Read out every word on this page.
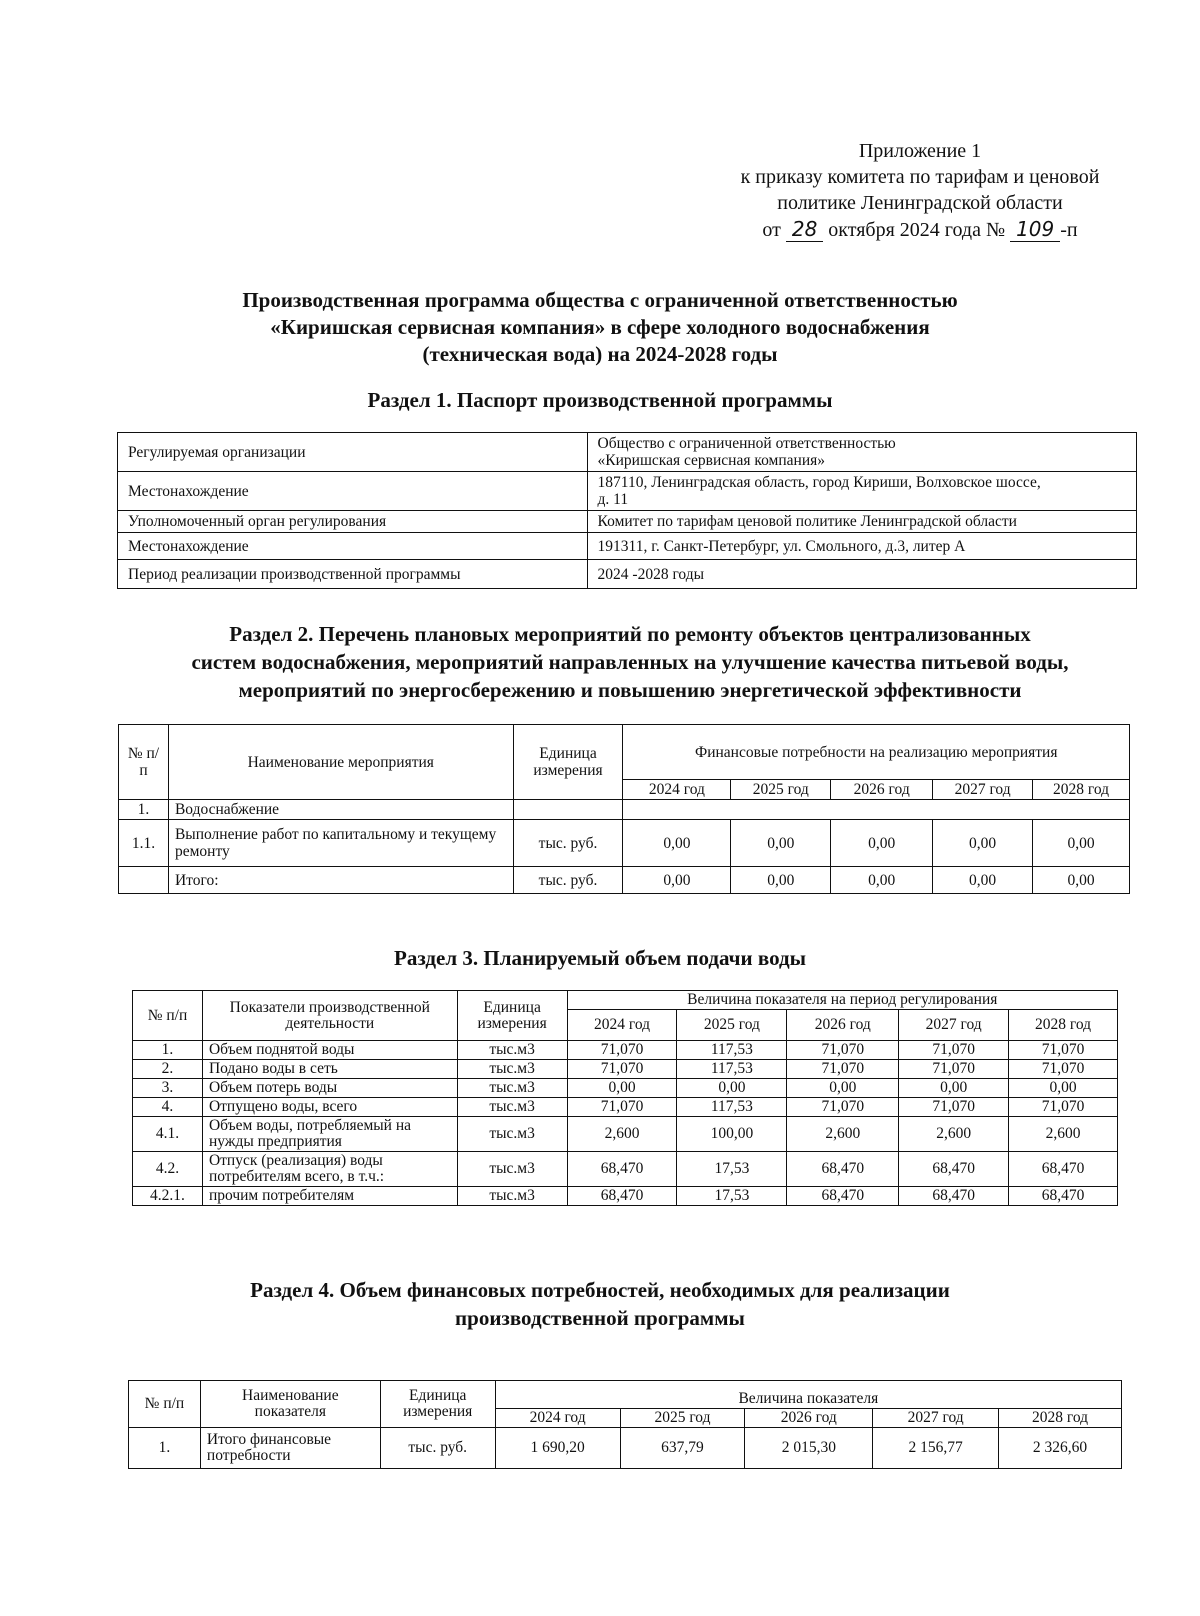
Приложение 1
к приказу комитета по тарифам и ценовой
политике Ленинградской области
от 28 октября 2024 года № 109 -п
Производственная программа общества с ограниченной ответственностью
«Киришская сервисная компания» в сфере холодного водоснабжения
(техническая вода) на 2024-2028 годы
Раздел 1. Паспорт производственной программы
Регулируемая организации	Общество с ограниченной ответственностью
«Киришская сервисная компания»

Местонахождение	187110, Ленинградская область, город Кириши, Волховское шоссе,
д. 11

Уполномоченный орган регулирования	Комитет по тарифам ценовой политике Ленинградской области
Местонахождение	191311, г. Санкт-Петербург, ул. Смольного, д.3, литер А
Период реализации производственной программы	2024 -2028 годы
Раздел 2. Перечень плановых мероприятий по ремонту объектов централизованных
систем водоснабжения, мероприятий направленных на улучшение качества питьевой воды,
мероприятий по энергосбережению и повышению энергетической эффективности
№ п/п	Наименование мероприятия	Единица измерения	Финансовые потребности на реализацию мероприятия				
			2024 год	2025 год	2026 год	2027 год	2028 год
1.	Водоснабжение						
1.1.	Выполнение работ по капитальному и текущему ремонту	тыс. руб.	0,00	0,00	0,00	0,00	0,00
	Итого:	тыс. руб.	0,00	0,00	0,00	0,00	0,00
Раздел 3. Планируемый объем подачи воды
№ п/п	Показатели производственной деятельности	Единица измерения	Величина показателя на период регулирования				
			2024 год	2025 год	2026 год	2027 год	2028 год
1.	Объем поднятой воды	тыс.м3	71,070	117,53	71,070	71,070	71,070
2.	Подано воды в сеть	тыс.м3	71,070	117,53	71,070	71,070	71,070
3.	Объем потерь воды	тыс.м3	0,00	0,00	0,00	0,00	0,00
4.	Отпущено воды, всего	тыс.м3	71,070	117,53	71,070	71,070	71,070
4.1.	Объем воды, потребляемый на нужды предприятия	тыс.м3	2,600	100,00	2,600	2,600	2,600
4.2.	Отпуск (реализация) воды потребителям всего, в т.ч.:	тыс.м3	68,470	17,53	68,470	68,470	68,470
4.2.1.	прочим потребителям	тыс.м3	68,470	17,53	68,470	68,470	68,470
Раздел 4. Объем финансовых потребностей, необходимых для реализации
производственной программы
№ п/п	Наименование показателя	Единица измерения	Величина показателя				
			2024 год	2025 год	2026 год	2027 год	2028 год
1.	Итого финансовые потребности	тыс. руб.	1 690,20	637,79	2 015,30	2 156,77	2 326,60
